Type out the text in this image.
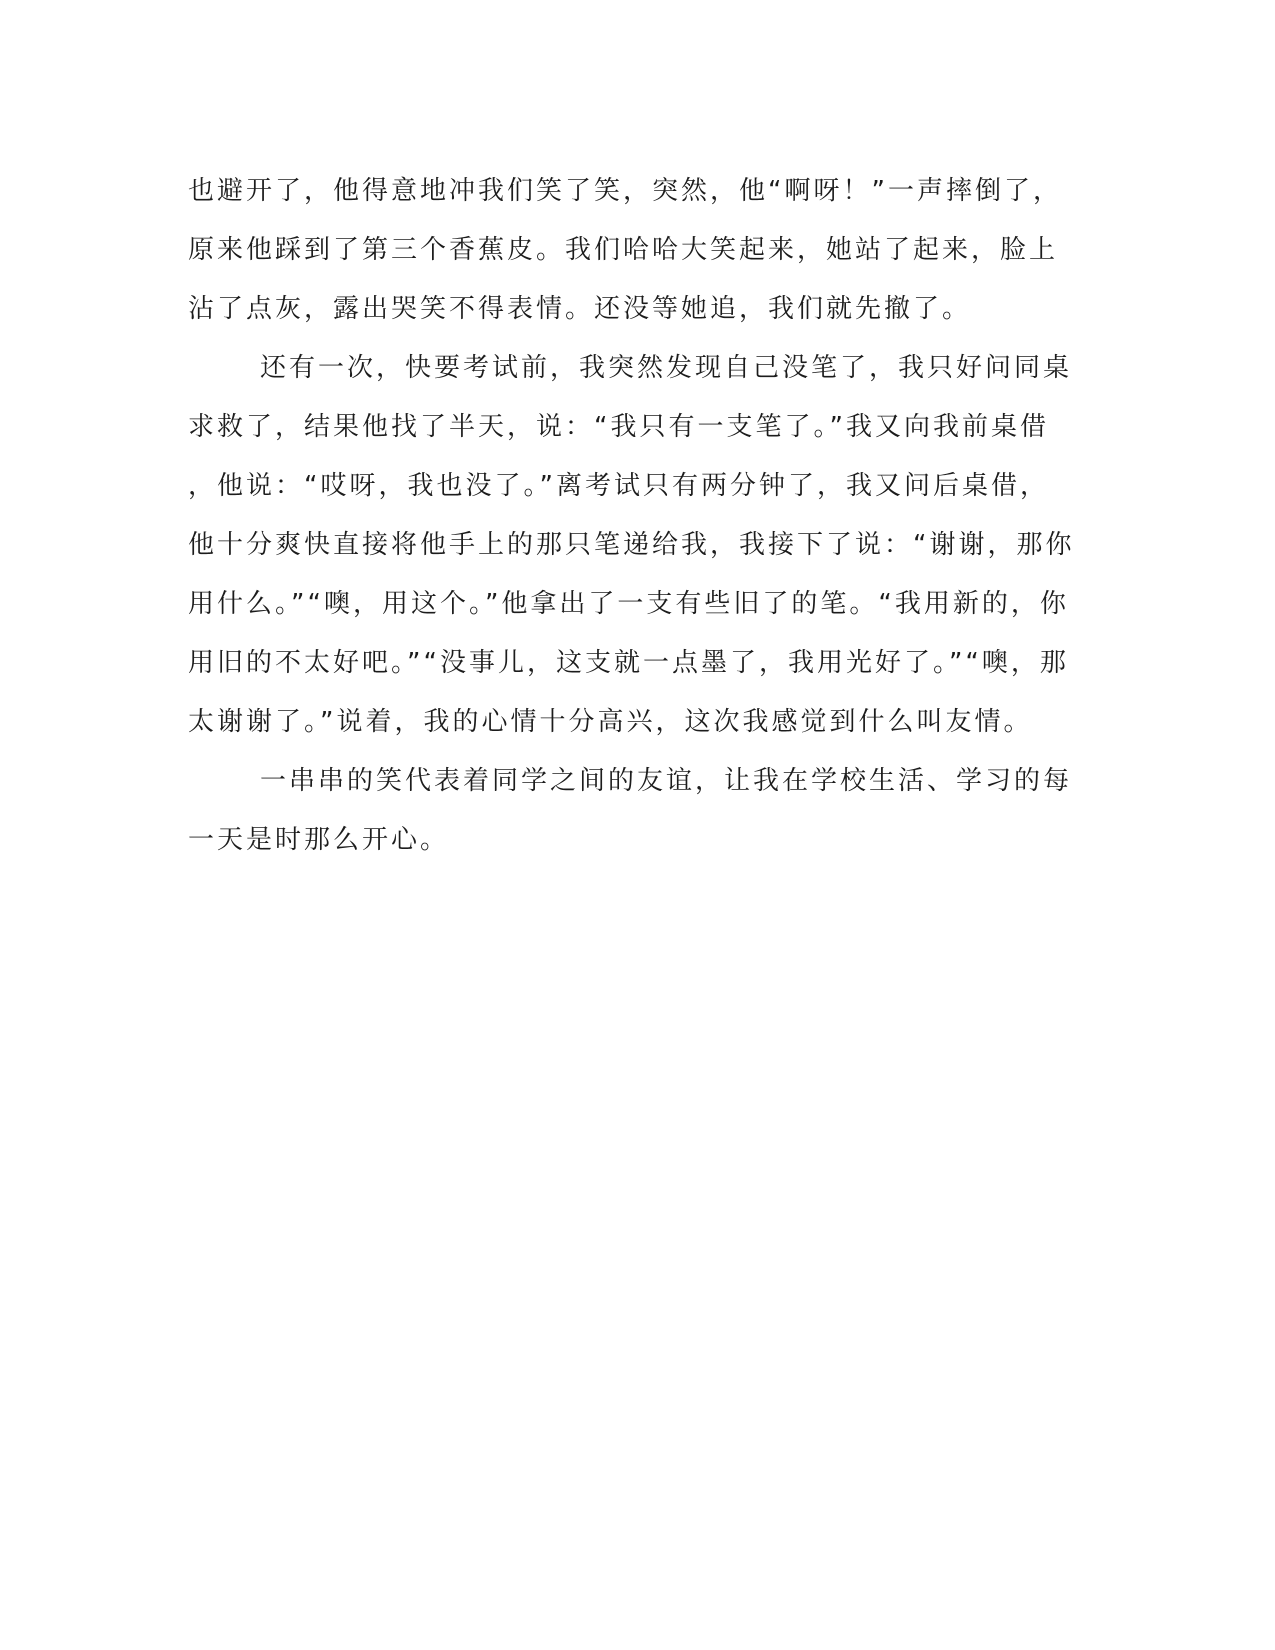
也避开了，他得意地冲我们笑了笑，突然，他“啊呀！”一声摔倒了，
原来他踩到了第三个香蕉皮。我们哈哈大笑起来，她站了起来，脸上
沾了点灰，露出哭笑不得表情。还没等她追，我们就先撤了。
还有一次，快要考试前，我突然发现自己没笔了，我只好问同桌
求救了，结果他找了半天，说：“我只有一支笔了。”我又向我前桌借
，他说：“哎呀，我也没了。”离考试只有两分钟了，我又问后桌借，
他十分爽快直接将他手上的那只笔递给我，我接下了说：“谢谢，那你
用什么。”“噢，用这个。”他拿出了一支有些旧了的笔。“我用新的，你
用旧的不太好吧。”“没事儿，这支就一点墨了，我用光好了。”“噢，那
太谢谢了。”说着，我的心情十分高兴，这次我感觉到什么叫友情。
一串串的笑代表着同学之间的友谊，让我在学校生活、学习的每
一天是时那么开心。
